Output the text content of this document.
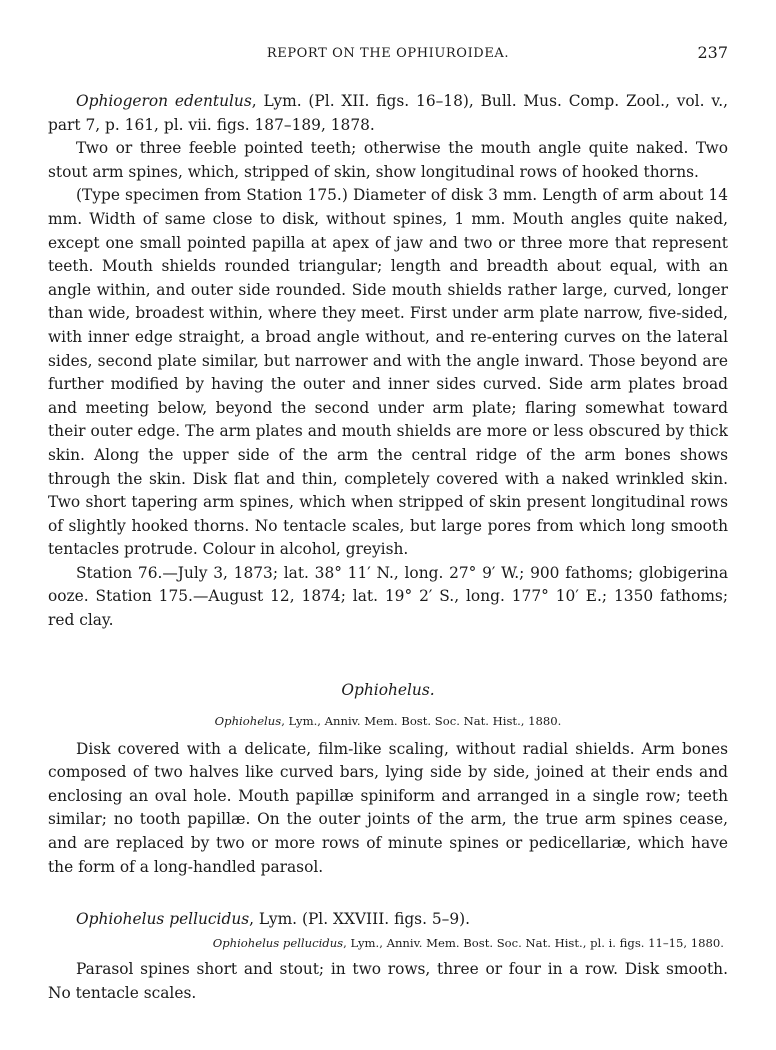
REPORT ON THE OPHIUROIDEA.	237

Ophiogeron edentulus, Lym. (Pl. XII. figs. 16–18), Bull. Mus. Comp. Zool., vol. v., part 7, p. 161, pl. vii. figs. 187–189, 1878.

Two or three feeble pointed teeth; otherwise the mouth angle quite naked. Two stout arm spines, which, stripped of skin, show longitudinal rows of hooked thorns.

(Type specimen from Station 175.) Diameter of disk 3 mm. Length of arm about 14 mm. Width of same close to disk, without spines, 1 mm. Mouth angles quite naked, except one small pointed papilla at apex of jaw and two or three more that represent teeth. Mouth shields rounded triangular; length and breadth about equal, with an angle within, and outer side rounded. Side mouth shields rather large, curved, longer than wide, broadest within, where they meet. First under arm plate narrow, five-sided, with inner edge straight, a broad angle without, and re-entering curves on the lateral sides, second plate similar, but narrower and with the angle inward. Those beyond are further modified by having the outer and inner sides curved. Side arm plates broad and meeting below, beyond the second under arm plate; flaring somewhat toward their outer edge. The arm plates and mouth shields are more or less obscured by thick skin. Along the upper side of the arm the central ridge of the arm bones shows through the skin. Disk flat and thin, completely covered with a naked wrinkled skin. Two short tapering arm spines, which when stripped of skin present longitudinal rows of slightly hooked thorns. No tentacle scales, but large pores from which long smooth tentacles protrude. Colour in alcohol, greyish.

Station 76.—July 3, 1873; lat. 38° 11′ N., long. 27° 9′ W.; 900 fathoms; globigerina ooze. Station 175.—August 12, 1874; lat. 19° 2′ S., long. 177° 10′ E.; 1350 fathoms; red clay.

Ophiohelus.
Ophiohelus, Lym., Anniv. Mem. Bost. Soc. Nat. Hist., 1880.

Disk covered with a delicate, film-like scaling, without radial shields. Arm bones composed of two halves like curved bars, lying side by side, joined at their ends and enclosing an oval hole. Mouth papillæ spiniform and arranged in a single row; teeth similar; no tooth papillæ. On the outer joints of the arm, the true arm spines cease, and are replaced by two or more rows of minute spines or pedicellariæ, which have the form of a long-handled parasol.

Ophiohelus pellucidus, Lym. (Pl. XXVIII. figs. 5–9).

Ophiohelus pellucidus, Lym., Anniv. Mem. Bost. Soc. Nat. Hist., pl. i. figs. 11–15, 1880.

Parasol spines short and stout; in two rows, three or four in a row. Disk smooth. No tentacle scales.
